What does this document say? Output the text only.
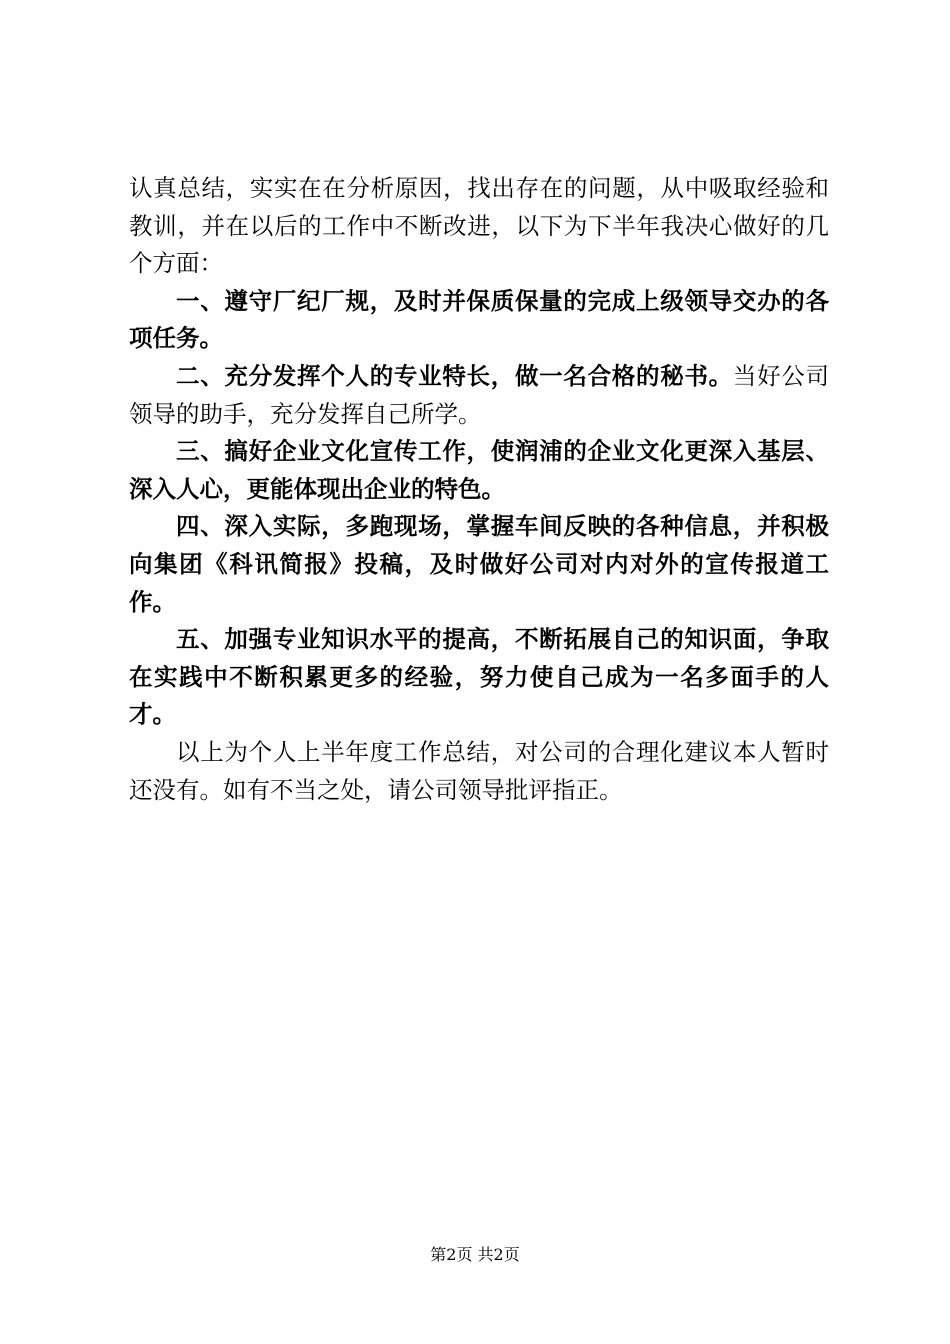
认真总结，实实在在分析原因，找出存在的问题，从中吸取经验和教训，并在以后的工作中不断改进，以下为下半年我决心做好的几个方面：

一、遵守厂纪厂规，及时并保质保量的完成上级领导交办的各项任务。

二、充分发挥个人的专业特长，做一名合格的秘书。当好公司领导的助手，充分发挥自己所学。

三、搞好企业文化宣传工作，使润浦的企业文化更深入基层、深入人心，更能体现出企业的特色。

四、深入实际，多跑现场，掌握车间反映的各种信息，并积极向集团《科讯简报》投稿，及时做好公司对内对外的宣传报道工作。

五、加强专业知识水平的提高，不断拓展自己的知识面，争取在实践中不断积累更多的经验，努力使自己成为一名多面手的人才。

以上为个人上半年度工作总结，对公司的合理化建议本人暂时还没有。如有不当之处，请公司领导批评指正。

第2页 共2页
